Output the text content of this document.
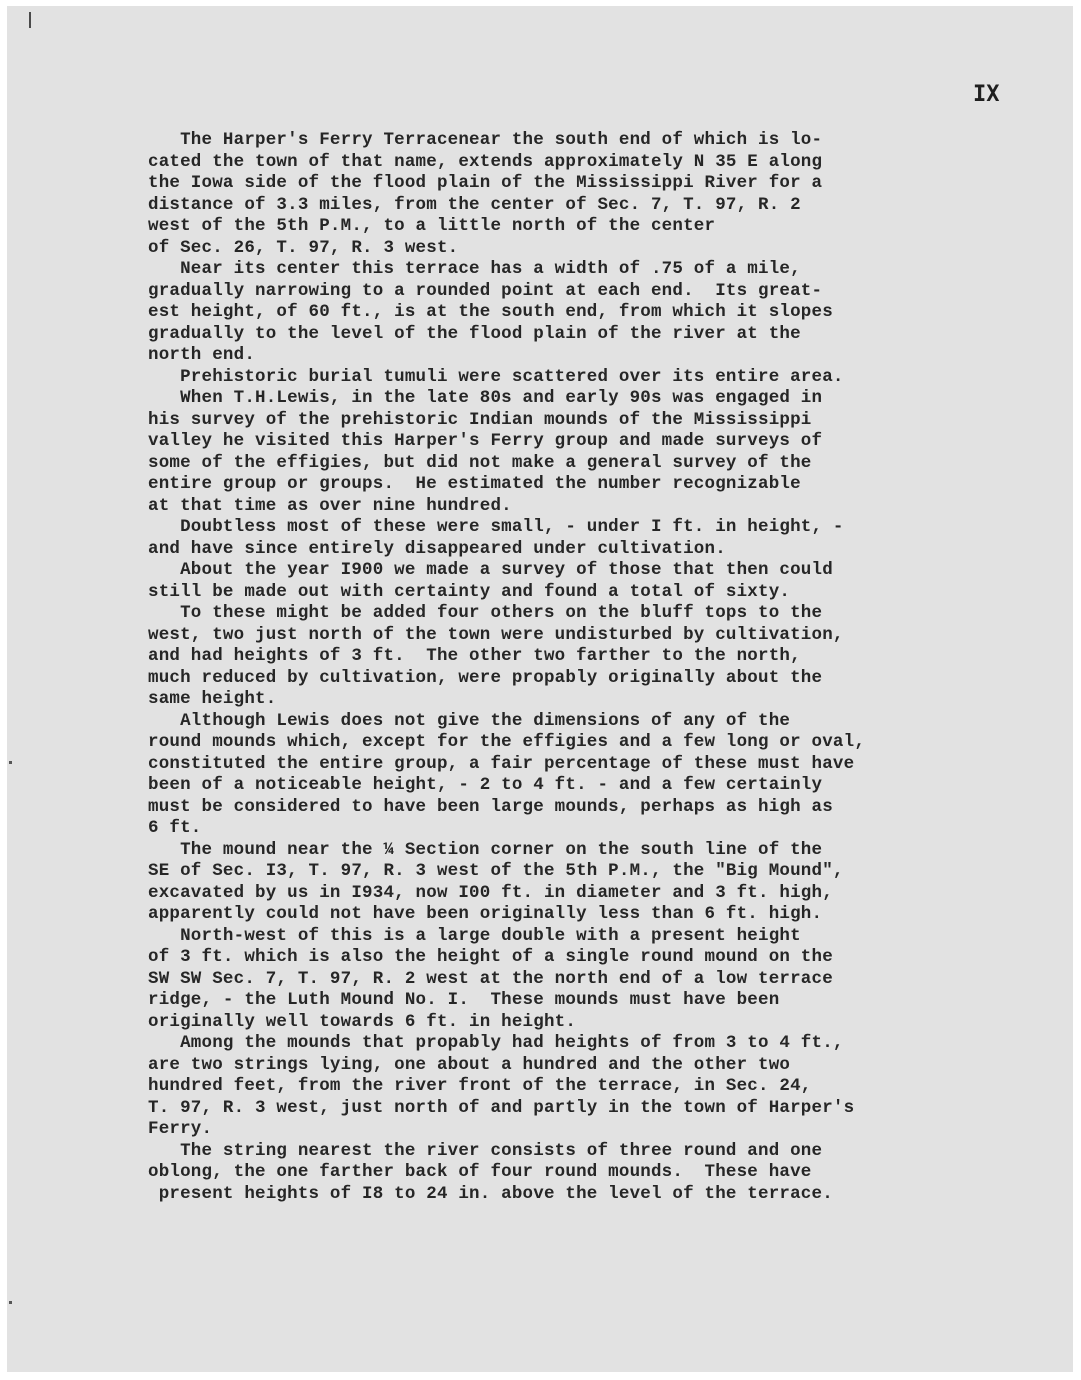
IX

The Harper's Ferry Terracenear the south end of which is lo-

cated the town of that name, extends approximately N 35 E along

the Iowa side of the flood plain of the Mississippi River for a

distance of 3.3 miles, from the center of Sec. 7, T. 97, R. 2

west of the 5th P.M., to a little north of the center

of Sec. 26, T. 97, R. 3 west.

Near its center this terrace has a width of .75 of a mile,

gradually narrowing to a rounded point at each end.  Its great-

est height, of 60 ft., is at the south end, from which it slopes

gradually to the level of the flood plain of the river at the

north end.

Prehistoric burial tumuli were scattered over its entire area.

When T.H.Lewis, in the late 80s and early 90s was engaged in

his survey of the prehistoric Indian mounds of the Mississippi

valley he visited this Harper's Ferry group and made surveys of

some of the effigies, but did not make a general survey of the

entire group or groups.  He estimated the number recognizable

at that time as over nine hundred.

Doubtless most of these were small, - under I ft. in height, -

and have since entirely disappeared under cultivation.

About the year I900 we made a survey of those that then could

still be made out with certainty and found a total of sixty.

To these might be added four others on the bluff tops to the

west, two just north of the town were undisturbed by cultivation,

and had heights of 3 ft.  The other two farther to the north,

much reduced by cultivation, were propably originally about the

same height.

Although Lewis does not give the dimensions of any of the

round mounds which, except for the effigies and a few long or oval,

constituted the entire group, a fair percentage of these must have

been of a noticeable height, - 2 to 4 ft. - and a few certainly

must be considered to have been large mounds, perhaps as high as

6 ft.

The mound near the ¼ Section corner on the south line of the

SE of Sec. I3, T. 97, R. 3 west of the 5th P.M., the "Big Mound",

excavated by us in I934, now I00 ft. in diameter and 3 ft. high,

apparently could not have been originally less than 6 ft. high.

North-west of this is a large double with a present height

of 3 ft. which is also the height of a single round mound on the

SW SW Sec. 7, T. 97, R. 2 west at the north end of a low terrace

ridge, - the Luth Mound No. I.  These mounds must have been

originally well towards 6 ft. in height.

Among the mounds that propably had heights of from 3 to 4 ft.,

are two strings lying, one about a hundred and the other two

hundred feet, from the river front of the terrace, in Sec. 24,

T. 97, R. 3 west, just north of and partly in the town of Harper's

Ferry.

The string nearest the river consists of three round and one

oblong, the one farther back of four round mounds.  These have

present heights of I8 to 24 in. above the level of the terrace.
